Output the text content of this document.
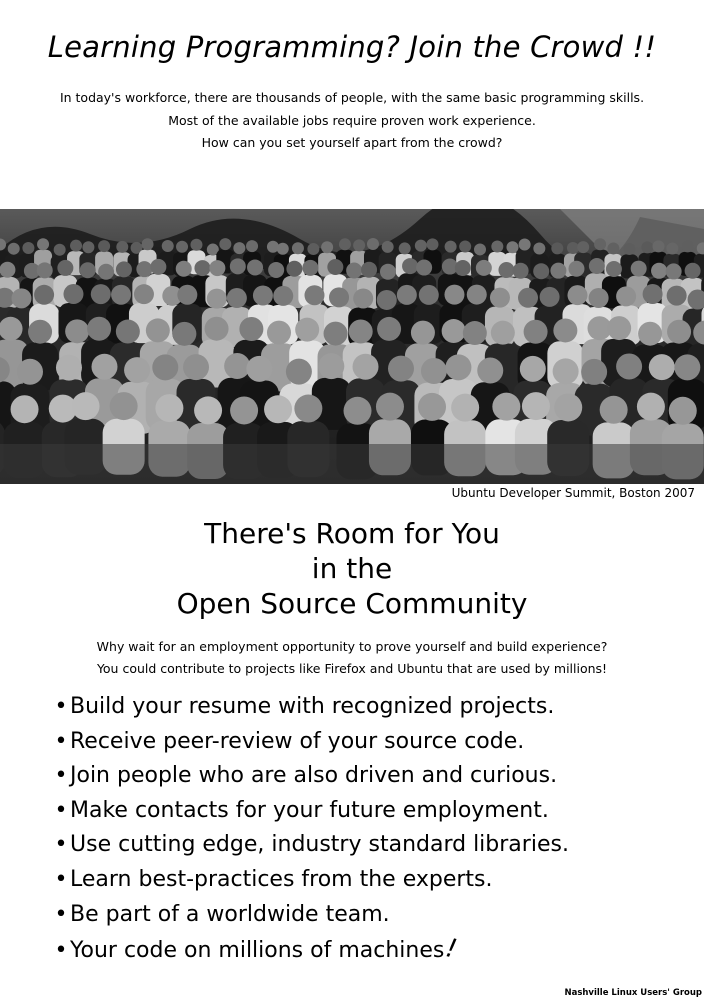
Learning Programming? Join the Crowd !!
In today's workforce, there are thousands of people, with the same basic programming skills.
Most of the available jobs require proven work experience.
How can you set yourself apart from the crowd?
Ubuntu Developer Summit, Boston 2007
There's Room for You
in the
Open Source Community
Why wait for an employment opportunity to prove yourself and build experience?
You could contribute to projects like Firefox and Ubuntu that are used by millions!
• Build your resume with recognized projects.
• Receive peer-review of your source code.
• Join people who are also driven and curious.
• Make contacts for your future employment.
• Use cutting edge, industry standard libraries.
• Learn best-practices from the experts.
• Be part of a worldwide team.
• Your code on millions of machines!
Nashville Linux Users' Group
